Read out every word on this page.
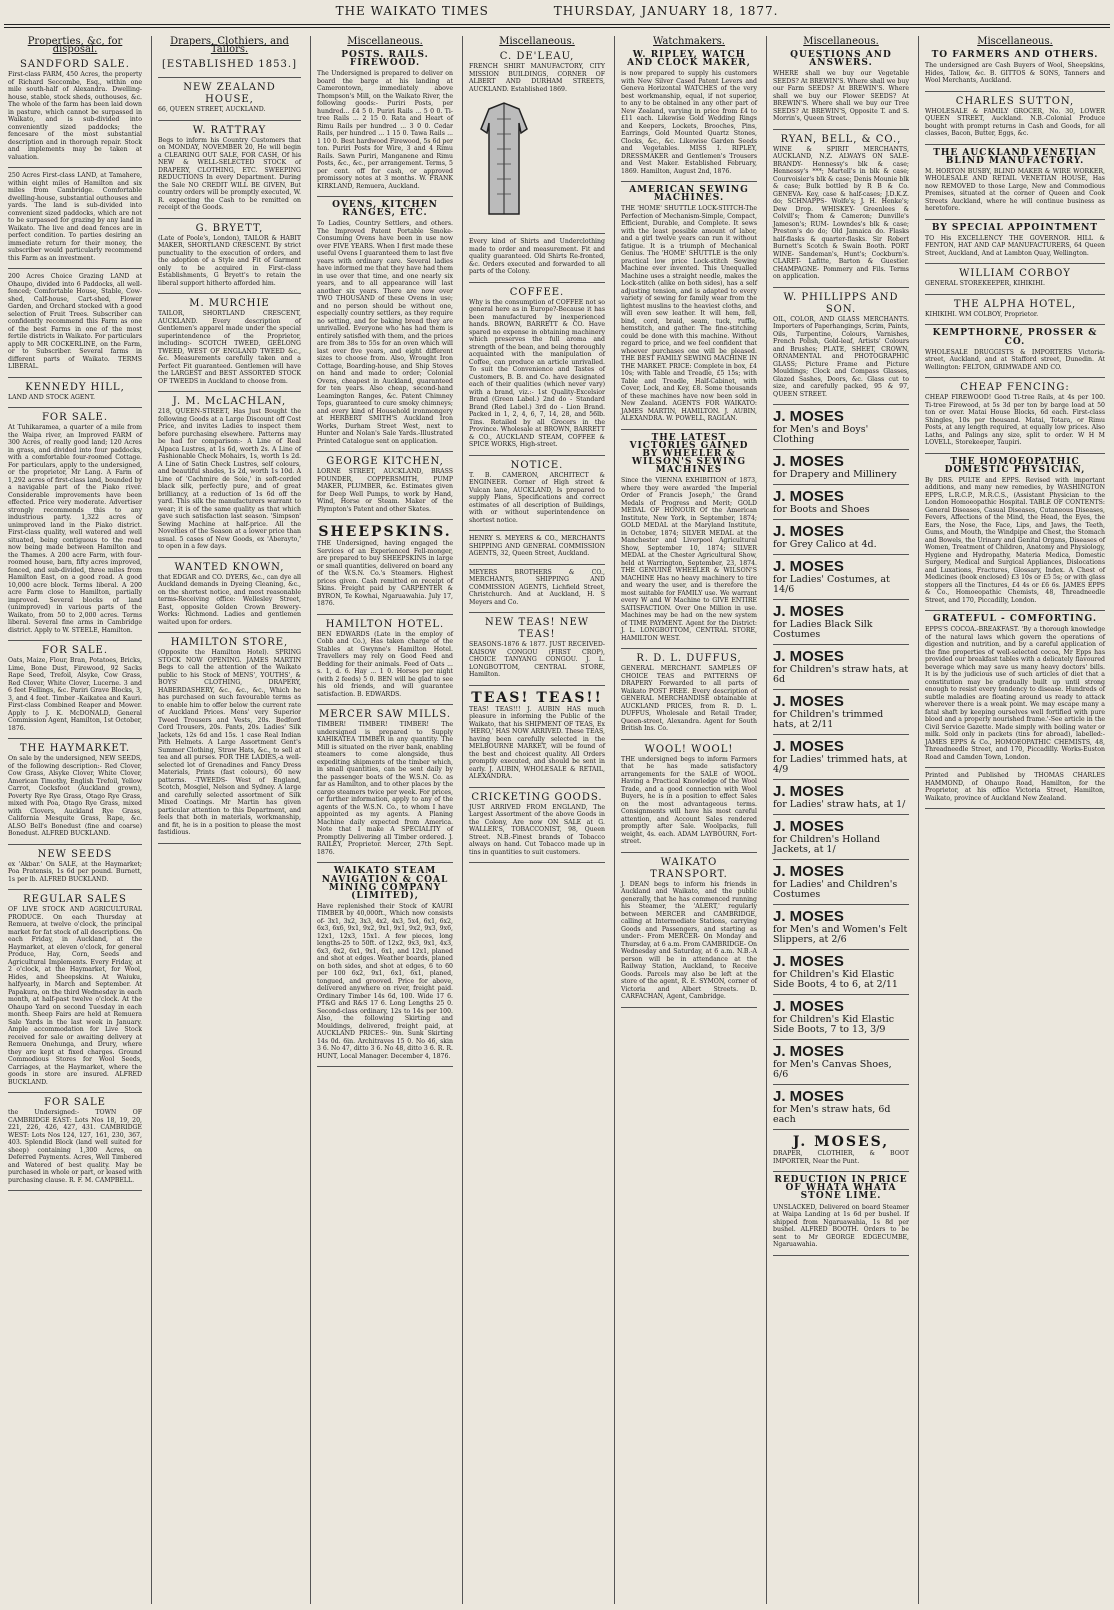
THE WAIKATO TIMES	THURSDAY, JANUARY 18, 1877.
Properties, &c, for disposal.
SANDFORD SALE.
First-class FARM, 450 Acres, the property of Richard Seccombe, Esq., within one mile south-half of Alexandra. Dwelling-house, stable, stock sheds, outhouses, &c. The whole of the farm has been laid down in pasture, which cannot be surpassed in Waikato, and is sub-divided into conveniently sized paddocks; the fencesare of the most substantial description and in thorough repair. Stock and implements may be taken at valuation.
250 Acres First-class LAND, at Tamahere, within eight miles of Hamilton and six miles from Cambridge. Comfortable dwelling-house, substantial outhouses and yards. The land is sub-divided into convenient sized paddocks, which are not to be surpassed for grazing by any land in Waikato. The live and dead fences are in perfect condition. To parties desiring an immediate return for their money, the subscriber would particularly recommend this Farm as an investment.
200 Acres Choice Grazing LAND at Ohaupo, divided into 6 Paddocks, all well-fenced; Comfortable House, Stable, Cow-shed, Calf-house, Cart-shed, Flower Garden, and Orchard stocked with a good selection of Fruit Trees. Subscriber can confidently recommend this Farm as one of the best Farms in one of the most fertile districts in Waikato. For particulars apply to MR COCKERLINE, on the Farm, or to Subscriber. Several farms in different parts of Waikato. TERMS LIBERAL.
KENNEDY HILL,
LAND AND STOCK AGENT.
FOR SALE.
At Tuhikaramea, a quarter of a mile from the Waipa river, an Improved FARM of 300 Acres, of really good land; 120 Acres in grass, and divided into four paddocks, with a comfortable four-roomed Cottage. For particulars, apply to the undersigned, or the proprietor, Mr Lang. A Farm of 1,292 acres of first-class land, bounded by a navigable part of the Piako river. Considerable improvements have been effected. Price very moderate. Advertiser strongly recommends this to any industrious party. 1,322 acres of unimproved land in the Piako district. First-class quality, well watered and well situated, being contiguous to the road now being made between Hamilton and the Thames. A 200 acre Farm, with four-roomed house, barn, fifty acres improved, fenced, and sub-divided, three miles from Hamilton East, on a good road. A good 10,000 acre block. Terms liberal. A 200 acre Farm close to Hamilton, partially improved. Several blocks of land (unimproved) in various parts of the Waikato, from 50 to 2,000 acres. Terms liberal. Several fine arms in Cambridge district. Apply to W. STEELE, Hamilton.
FOR SALE.
Oats, Maize, Flour, Bran, Potatoes, Bricks, Lime, Bone Dust, Firewood, 92 Sacks Rape Seed, Trefoil, Alsyke, Cow Grass, Red Clover, White Clover, Lucerne. 3 and 6 feet Fellings, &c. Pariri Grave Blocks, 3, 3, and 4 feet. Timber -Kaikatea and Kauri. First-class Combined Reaper and Mower. Apply to J. K. McDONALD, General Commission Agent, Hamilton, 1st October, 1876.
THE HAYMARKET.
On sale by the undersigned, NEW SEEDS, of the following description:- Red Clover, Cow Grass, Alsyke Clover, White Clover, American Timothy, English Trefoil, Yellow Carrot, Cocksfoot (Auckland grown), Poverty Rye Rye Grass, Otago Rye Grass, mixed with Poa, Otago Rye Grass, mixed with Clovers, Auckland Rye Grass, California Mesquite Grass, Rape, &c. ALSO Bell's Bonedust (fine and coarse) Bonedust. ALFRED BUCKLAND.
NEW SEEDS
ex 'Akbar.' On SALE, at the Haymarket; Poa Pratensis, 1s 6d per pound. Burnett, 1s per lb. ALFRED BUCKLAND.
REGULAR SALES
OF LIVE STOCK AND AGRICULTURAL PRODUCE. On each Thursday at Remuera, at twelve o'clock, the principal market for fat stock of all descriptions. On each Friday, in Auckland, at the Haymarket, at eleven o'clock, for general Produce, Hay, Corn, Seeds and Agricultural Implements. Every Friday, at 2 o'clock, at the Haymarket, for Wool, Hides, and Sheepskins. At Waiuku, halfyearly, in March and September. At Papakura, on the third Wednesday in each month, at half-past twelve o'clock. At the Ohaupo Yard on second Tuesday in each month. Sheep Fairs are held at Remuera Sale Yards in the last week in January. Ample accommodation for Live Stock received for sale or awaiting delivery at Remuera Onehunga, and Drury, where they are kept at fixed charges. Ground Commodious Stores for Wool Seeds, Carriages, at the Haymarket, where the goods in store are insured. ALFRED BUCKLAND.
FOR SALE
the Undersigned:- TOWN OF CAMBRIDGE EAST: Lots Nos 18, 19, 20, 221, 226, 426, 427, 431. CAMBRIDGE WEST: Lots Nos 124, 127, 161, 230, 367, 403. Splendid Block (land well suited for sheep) containing 1,300 Acres, on Deferred Payments. Acres, Well Timbered and Watered of best quality. May be purchased in whole or part, or leased with purchasing clause. R. F. M. CAMPBELL.
Drapers, Clothiers, and Tailors.
[ESTABLISHED 1853.]
NEW ZEALAND HOUSE,
66, QUEEN STREET, AUCKLAND.
W. RATTRAY
Begs to inform his Country Customers that on MONDAY, NOVEMBER 20, He will begin a CLEARING OUT SALE, FOR CASH, Of his NEW & WELL-SELECTED STOCK of DRAPERY, CLOTHING, ETC. SWEEPING REDUCTIONS In every Department. During the Sale NO CREDIT WILL BE GIVEN, But country orders will be promptly executed, W. R. expecting the Cash to be remitted on receipt of the Goods.
G. BRYETT,
(Late of Poole's, London), TAILOR & HABIT MAKER, SHORTLAND CRESCENT. By strict punctuality to the execution of orders, and the adoption of a Style and Fit of Garment only to be acquired in First-class Establishments, G Bryett's to retain the liberal support hitherto afforded him.
M. MURCHIE
TAILOR, SHORTLAND CRESCENT, AUCKLAND. Every description of Gentlemen's apparel made under the special superintendence of the Proprietor, including:- SCOTCH TWEED, GEELONG TWEED, WEST OF ENGLAND TWEED &c., &c. Measurements carefully taken and a Perfect Fit guaranteed. Gentlemen will have the LARGEST and BEST ASSORTED STOCK OF TWEEDS in Auckland to choose from.
J. M. McLACHLAN,
218, QUEEN-STREET, Has Just Bought the following Goods at a Large Discount off Cost Price, and invites Ladies to inspect them before purchasing elsewhere. Patterns may be had for comparison:- A Line of Real Alpaca Lustres, at 1s 6d, worth 2s. A Line of Fashionable Check Mohairs, 1s, worth 1s 2d. A Line of Satin Check Lustres, self colours, and beautiful shades, 1s 2d, worth 1s 10d. A Line of 'Cachmire de Soie,' in soft-corded black silk, perfectly pure, and of great brilliancy, at a reduction of 1s 6d off the yard. This silk the manufacturers warrant to wear; it is of the same quality as that which gave such satisfaction last season. 'Simpson' Sewing Machine at half-price. All the Novelties of the Season at a lower price than usual. 5 cases of New Goods, ex 'Aberayto,' to open in a few days.
WANTED KNOWN,
that EDGAR and CO. DYERS, &c., can dye all Auckland demands in Dyeing Cleaning, &c., on the shortest notice, and most reasonable terms-Receiving office: Wellesley Street, East, opposite Golden Crown Brewery-Works: Richmond. Ladies and gentlemen waited upon for orders.
HAMILTON STORE,
(Opposite the Hamilton Hotel). SPRING STOCK NOW OPENING. JAMES MARTIN Begs to call the attention of the Waikato public to his Stock of MENS', YOUTHS', & BOYS' CLOTHING, DRAPERY, HABERDASHERY, &c., &c., &c., Which he has purchased on such favourable terms as to enable him to offer below the current rate of Auckland Prices. Mens' very Superior Tweed Trousers and Vests, 20s. Bedford Cord Trousers, 20s. Pants, 20s. Ladies' Silk Jackets, 12s 6d and 15s. 1 case Real Indian Pith Helmets. A Large Assortment Gent's Summer Clothing, Straw Hats, &c., to sell at tea and all purses. FOR THE LADIES,-a well-selected lot of Grenadines and Fancy Dress Materials, Prints (fast colours), 60 new patterns. -TWEEDS- West of England, Scotch, Mosgiel, Nelson and Sydney. A large and carefully selected assortment of Silk Mixed Coatings. Mr Martin has given particular attention to this Department, and feels that both in materials, workmanship, and fit, he is in a position to please the most fastidious.
Miscellaneous.
POSTS. RAILS. FIREWOOD.
The Undersigned is prepared to deliver on board the barge at his landing at Camerontown, immediately above Thompson's Mill, on the Waikato River, the following goods:- Puriri Posts, per hundred... £4 5 0. Puriri Rails ... 5 0 0. Ti-tree Rails ... 2 15 0. Rata and Heart of Rimu Rails per hundred ... 3 0 0. Cedar Rails, per hundred ... 1 15 0. Tawa Rails ... 1 10 0. Best hardwood Firewood, 5s 6d per ton. Puriri Posts for Wire, 3 and 4 Rimu Rails. Sawn Puriri, Manganene and Rimu Posts, &c., &c., per arrangement. Terms, 5 per cent. off for cash, or approved promissory notes at 3 months. W. FRANK KIRKLAND, Remuera, Auckland.
OVENS, KITCHEN RANGES, ETC.
To Ladies, Country Settlers, and others. The Improved Patent Portable Smoke-Consuming Ovens have been in use now over FIVE YEARS. When I first made these useful Ovens I guaranteed them to last five years with ordinary care. Several ladies have informed me that they have had them in use over that time, and one nearly six years, and to all appearance will last another six years. There are now over TWO THOUSAND of these Ovens in use; and no person should be without one, especially country settlers, as they require no setting, and for baking bread they are unrivalled. Everyone who has had them is entirely satisfied with them, and the prices are from 38s to 55s for an oven which will last over five years, and eight different sizes to choose from. Also, Wrought Iron Cottage, Boarding-house, and Ship Stoves on hand and made to order; Colonial Ovens, cheapest in Auckland, guaranteed for ten years. Also cheap, second-hand Leamington Ranges, &c. Patent Chimney Tops, guaranteed to cure smoky chimneys; and every kind of Household ironmongery at HERBERT SMITH'S Auckland Iron Works, Durham Street West, next to Hunter and Nolan's Sale Yards.-Illustrated Printed Catalogue sent on application.
GEORGE KITCHEN,
LORNE STREET, AUCKLAND, BRASS FOUNDER, COPPERSMITH, PUMP MAKER, PLUMBER, &c. Estimates given for Deep Well Pumps, to work by Hand, Wind, Horse or Steam. Maker of the Plympton's Patent and other Skates.
SHEEPSKINS.
THE Undersigned, having engaged the Services of an Experienced Fell-monger, are prepared to buy SHEEPSKINS in large or small quantities, delivered on board any of the W.S.N. Co.'s Steamers. Highest prices given. Cash remitted on receipt of Skins. Freight paid by CARPENTER & BYRON, Te Kowhai, Ngaruawahia. July 17, 1876.
HAMILTON HOTEL.
BEN EDWARDS (Late in the employ of Cobb and Co.), Has taken charge of the Stables at Gwynne's Hamilton Hotel. Travellers may rely on Good Feed and Bedding for their animals. Feed of Oats ... s. 1, d. 6. Hay ... 1 0. Horses per night (with 2 feeds) 5 0. BEN will be glad to see his old friends, and will guarantee satisfaction. B. EDWARDS.
MERCER SAW MILLS.
TIMBER! TIMBER! TIMBER! The undersigned is prepared to Supply KAHIKATEA TIMBER in any quantity. The Mill is situated on the river bank, enabling steamers to come alongside, thus expediting shipments of the timber which, in small quantities, can be sent daily by the passenger boats of the W.S.N. Co. as far as Hamilton, and to other places by the cargo steamers twice per week. For prices, or further information, apply to any of the agents of the W.S.N. Co., to whom I have appointed as my agents. A Planing Machine daily expected from America. Note that I make A SPECIALITY of Promptly Delivering all Timber ordered. J. RAILEY, Proprietor. Mercer, 27th Sept. 1876.
WAIKATO STEAM NAVIGATION & COAL MINING COMPANY (LIMITED),
Have replenished their Stock of KAURI TIMBER by 40,000ft., Which now consists of- 3x1, 3x2, 3x3, 4x2, 4x3, 5x4, 6x1, 6x2, 6x3, 6x6, 9x1, 9x2, 9x1, 9x1, 9x2, 9x3, 9x6, 12x1, 12x3, 15x1. A few pieces, long lengths-25 to 50ft. of 12x2, 9x3, 9x1, 4x3, 6x3, 6x2, 6x1, 9x1, 6x1, and 12x1, planed and shot at edges. Weather boards, planed on both sides, and shot at edges, 6 to 60 per 100 6x2, 9x1, 6x1, 6x1, planed, tongued, and grooved. Price for above, delivered anywhere on river, freight paid. Ordinary Timber 14s 6d, 100. Wide 17 6. PT&G and R&S 17 6. Long Lengths 25 0. Second-class ordinary, 12s to 14s per 100. Also, the following Skirting and Mouldings, delivered, freight paid, at AUCKLAND PRICES:- 9in. Sunk Skirting 14s 0d. 6in. Architraves 15 0. No 46, skin 3 6. No 47, ditto 3 6. No 48, ditto 3 6. R. R. HUNT, Local Manager. December 4, 1876.
Miscellaneous.
C. DE'LEAU,
FRENCH SHIRT MANUFACTORY, CITY MISSION BUILDINGS, CORNER OF ALBERT AND DURHAM STREETS, AUCKLAND. Established 1869.
Every kind of Shirts and Underclothing made to order and measurement. Fit and quality guaranteed. Old Shirts Re-fronted, &c. Orders executed and forwarded to all parts of the Colony.
COFFEE.
Why is the consumption of COFFEE not so general here as in Europe?-Because it has been manufactured by inexperienced hands. BROWN, BARRETT & CO. Have spared no expense in obtaining machinery which preserves the full aroma and strength of the bean, and being thoroughly acquainted with the manipulation of Coffee, can produce an article unrivalled. To suit the Convenience and Tastes of Customers, B. B. and Co. have designated each of their qualities (which never vary) with a brand, viz.:- 1st Quality-Excelsior Brand (Green Label.) 2nd do - Standard Brand (Red Label.) 3rd do - Lion Brand. Packed in 1, 2, 4, 6, 7, 14, 28, and 56lb. Tins. Retailed by all Grocers in the Province. Wholesale at BROWN, BARRETT & CO., AUCKLAND STEAM, COFFEE & SPICE WORKS, High-street.
NOTICE.
T. B. CAMERON, ARCHITECT & ENGINEER. Corner of High street & Vulcan lane, AUCKLAND, Is prepared to supply Plans, Specifications and correct estimates of all description of Buildings, with or without superintendence on shortest notice.
HENRY S. MEYERS & CO., MERCHANTS SHIPPING AND GENERAL COMMISSION AGENTS, 32, Queen Street, Auckland.
MEYERS BROTHERS & CO., MERCHANTS, SHIPPING AND COMMISSION AGENTS, Lichfield Street, Christchurch. And at Auckland, H. S Meyers and Co.
NEW TEAS! NEW TEAS!
SEASONS-1876 & 1877. JUST RECEIVED- KAISOW CONGOU (FIRST CROP), CHOICE TANYANG CONGOU. J. L. LONGBOTTOM, CENTRAL STORE, Hamilton.
TEAS! TEAS!!
TEAS! TEAS!!! J. AUBIN HAS much pleasure in informing the Public of the Waikato, that his SHIPMENT OF TEAS, Ex 'HERO,' HAS NOW ARRIVED. These TEAS, having been carefully selected in the MELBOURNE MARKET, will be found of the best and choicest quality. All Orders promptly executed, and should be sent in early. J. AUBIN, WHOLESALE & RETAIL, ALEXANDRA.
CRICKETING GOODS.
JUST ARRIVED FROM ENGLAND, The Largest Assortment of the above Goods in the Colony, Are now ON SALE at G. WALLER'S, TOBACCONIST, 98, Queen Street. N.B.-Finest brands of Tobacco always on hand. Cut Tobacco made up in tins in quantities to suit customers.
Watchmakers.
W. RIPLEY, WATCH AND CLOCK MAKER,
is now prepared to supply his customers with New Silver Cased Patent Levers and Geneva Horizontal WATCHES of the very best workmanship, equal, if not superior, to any to be obtained in any other part of New Zealand, varying in price from £4 to £11 each. Likewise Gold Wedding Rings and Keepers, Lockets, Brooches, Pins, Earrings, Gold Mounted Quartz Stones, Clocks, &c., &c. Likewise Garden Seeds and Vegetables. MISS I. RIPLEY, DRESSMAKER and Gentlemen's Trousers and Vest Maker. Established February, 1869. Hamilton, August 2nd, 1876.
AMERICAN SEWING MACHINES.
THE 'HOME' SHUTTLE LOCK-STITCH-The Perfection of Mechanism-Simple, Compact, Efficient, Durable, and Complete. It sews with the least possible amount of labor, and a girl twelve years can run it without fatigue. It is a triumph of Mechanical Genius. The 'HOME' SHUTTLE is the only practical low price Lock-stitch Sewing Machine ever invented. This Unequalled Machine uses a straight needle, makes the Lock-stitch (alike on both sides), has a self adjusting tension, and is adapted to every variety of sewing for family wear from the lightest muslins to the heaviest cloths, and will even sew leather. It will hem, fell, bind, cord, braid, seam, tuck, ruffle, hemstitch, and gather. The fine-stitching could be done with this machine. Without regard to price, and we feel confident that whoever purchases one will be pleased. THE BEST FAMILY SEWING MACHINE IN THE MARKET. PRICE: Complete in box, £4 10s; with Table and Treadle, £5 15s; with Table and Treadle, Half-Cabinet, with Cover, Lock, and Key, £8. Some thousands of these machines have now been sold in New Zealand. AGENTS FOR WAIKATO: JAMES MARTIN, HAMILTON. J. AUBIN, ALEXANDRA. W. POWELL, RAGLAN.
THE LATEST VICTORIES GAINED BY WHEELER & WILSON'S SEWING MACHINES
Since the VIENNA EXHIBITION of 1873, where they were awarded 'the Imperial Order of Francis Joseph,' the Grand Medals of Progress and Merit; GOLD MEDAL OF HONOUR Of the American Institute, New York, in September, 1874; GOLD MEDAL at the Maryland Institute, in October, 1874; SILVER MEDAL at the Manchester and Liverpool Agricultural Show, September 10, 1874; SILVER MEDAL at the Chester Agricultural Show, held at Warrington, September, 23, 1874. THE GENUINE WHEELER & WILSON'S MACHINE Has no heavy machinery to tire and weary the user, and is therefore the most suitable for FAMILY use. We warrant every W and W Machine to GIVE ENTIRE SATISFACTION. Over One Million in use. Machines may be had on the new system of TIME PAYMENT. Agent for the District: J. L. LONGBOTTOM, CENTRAL STORE, HAMILTON WEST.
R. D. L. DUFFUS,
GENERAL MERCHANT. SAMPLES OF CHOICE TEAS and PATTERNS OF DRAPERY Forwarded to all parts of Waikato POST FREE. Every description of GENERAL MERCHANDISE obtainable at AUCKLAND PRICES, from R. D. L. DUFFUS, Wholesale and Retail Trader, Queen-street, Alexandra. Agent for South British Ins. Co.
WOOL! WOOL!
THE undersigned begs to inform Farmers that he has made satisfactory arrangements for the SALE of WOOL. Having a Practical Knowledge of the Wool Trade, and a good connection with Wool Buyers, he is in a position to effect Sales on the most advantageous terms. Consignments will have his most careful attention, and Account Sales rendered promptly after Sale. Woolpacks, full weight, 4s. each. ADAM LAYBOURN, Fort-street.
WAIKATO TRANSPORT.
J. DEAN begs to inform his friends in Auckland and Waikato, and the public generally, that he has commenced running his Steamer, the 'ALERT,' regularly between MERCER and CAMBRIDGE, calling at Intermediate Stations, carrying Goods and Passengers, and starting as under:- From MERCER- On Monday and Thursday, at 6 a.m. From CAMBRIDGE- On Wednesday and Saturday, at 6 a.m. N.B.-A person will be in attendance at the Railway Station, Auckland, to Receive Goods. Parcels may also be left at the store of the agent, R. E. SYMON, corner of Victoria and Albert Streets. D. CARFACHAN, Agent, Cambridge.
Miscellaneous.
QUESTIONS AND ANSWERS.
WHERE shall we buy our Vegetable SEEDS? At BREWIN'S. Where shall we buy our Farm SEEDS? At BREWIN'S. Where shall we buy our Flower SEEDS? At BREWIN'S. Where shall we buy our Tree SEEDS? At BREWIN'S, Opposite T. and S. Morrin's, Queen Street.
RYAN, BELL, & CO.,
WINE & SPIRIT MERCHANTS, AUCKLAND, N.Z. ALWAYS ON SALE- BRANDY- Hennessy's blk & case; Hennessy's ***; Martell's in blk & case; Courvoisier's blk & case; Denis Mounie blk & case; Bulk bottled by R B & Co. GENEVA- Key, case & half-cases; J.D.K.Z. do; SCHNAPPS- Wolfe's; J. H. Henke's; Dew Drop. WHISKEY- Greenlees & Colvill's; Thom & Cameron; Dunville's Jameson's; RUM- Lowndes's blk & case; Preston's do do; Old Jamaica do. Flasks half-flasks & quarter-flasks. Sir Robert Burnett's Scotch & Swain Booth. PORT WINE- Sandeman's, Hunt's; Cockburn's. CLARET- Lafitte, Barton & Guestier. CHAMPAGNE- Pommery and Fils. Terms on application.
W. PHILLIPPS AND SON.
OIL, COLOR, AND GLASS MERCHANTS. Importers of Paperhangings, Scrim, Paints, Oils, Turpentine, Colours, Varnishes, French Polish, Gold-leaf, Artists' Colours and Brushes; PLATE, SHEET, CROWN, ORNAMENTAL and PHOTOGRAPHIC GLASS; Picture Frame and Picture Mouldings; Clock and Compass Glasses, Glazed Sashes, Doors, &c. Glass cut to size, and carefully packed, 95 & 97, QUEEN STREET.
J. MOSES
for Men's and Boys' Clothing
J. MOSES
for Drapery and Millinery
J. MOSES
for Boots and Shoes
J. MOSES
for Grey Calico at 4d.
J. MOSES
for Ladies' Costumes, at 14/6
J. MOSES
for Ladies Black Silk Costumes
J. MOSES
for Children's straw hats, at 6d
J. MOSES
for Children's trimmed hats, at 2/11
J. MOSES
for Ladies' trimmed hats, at 4/9
J. MOSES
for Ladies' straw hats, at 1/
J. MOSES
for Children's Holland Jackets, at 1/
J. MOSES
for Ladies' and Children's Costumes
J. MOSES
for Men's and Women's Felt Slippers, at 2/6
J. MOSES
for Children's Kid Elastic Side Boots, 4 to 6, at 2/11
J. MOSES
for Children's Kid Elastic Side Boots, 7 to 13, 3/9
J. MOSES
for Men's Canvas Shoes, 6/6
J. MOSES
for Men's straw hats, 6d each
J. MOSES,
DRAPER, CLOTHIER, & BOOT IMPORTER, Near the Punt.
REDUCTION IN PRICE OF WHATA WHATA STONE LIME.
UNSLACKED, Delivered on board Steamer at Waipa Landing at 1s 6d per bushel. If shipped from Ngaruawahia, 1s 8d per bushel. ALFRED BOOTH. Orders to be sent to Mr GEORGE EDGECUMBE, Ngaruawahia.
Miscellaneous.
TO FARMERS AND OTHERS.
The undersigned are Cash Buyers of Wool, Sheepskins, Hides, Tallow, &c. B. GITTOS & SONS, Tanners and Wool Merchants, Auckland.
CHARLES SUTTON,
WHOLESALE & FAMILY GROCER, No. 30, LOWER QUEEN STREET, Auckland. N.B.-Colonial Produce bought with prompt returns in Cash and Goods, for all classes, Bacon, Butter, Eggs, &c.
THE AUCKLAND VENETIAN BLIND MANUFACTORY.
M. HORTON BUSBY, BLIND MAKER & WIRE WORKER, WHOLESALE AND RETAIL VENETIAN HOUSE, Has now REMOVED to those Large, New and Commodious Premises, situated at the corner of Queen and Cook Streets Auckland, where he will continue business as heretofore.
BY SPECIAL APPOINTMENT
TO His EXCELLENCY THE GOVERNOR. HILL & FENTON, HAT AND CAP MANUFACTURERS, 64 Queen Street, Auckland, And at Lambton Quay, Wellington.
WILLIAM CORBOY
GENERAL STOREKEEPER, KIHIKIHI.
THE ALPHA HOTEL,
KIHIKIHI. WM COLBOY, Proprietor.
KEMPTHORNE, PROSSER & CO.
WHOLESALE DRUGGISTS & IMPORTERS Victoria-street, Auckland, and at Stafford street, Dunedin. At Wellington: FELTON, GRIMWADE AND CO.
CHEAP FENCING:
CHEAP FIREWOOD! Good Ti-tree Rails, at 4s per 100. Ti-tree Firewood, at 5s 3d per ton by barge load at 50 ton or over. Matai House Blocks, 6d each. First-class Shingles, 10s per thousand. Matai, Totara, or Rimu Posts, at any length required, at equally low prices. Also Laths, and Palings any size, split to order. W H M LOVELL, Storekeeper, Taupiri.
THE HOMOEOPATHIC DOMESTIC PHYSICIAN,
By DRS. PULTE and EPPS. Revised with important additions, and many new remedies, by WASHINGTON EPPS, L.R.C.P., M.R.C.S., (Assistant Physician to the London Homoeopathic Hospital. TABLE OF CONTENTS: General Diseases, Casual Diseases, Cutaneous Diseases, Fevers, Affections of the Mind, the Head, the Eyes, the Ears, the Nose, the Face, Lips, and Jaws, the Teeth, Gums, and Mouth, the Windpipe and Chest, the Stomach and Bowels, the Urinary and Genital Organs, Diseases of Women, Treatment of Children, Anatomy and Physiology, Hygiene and Hydropathy, Materia Medica, Domestic Surgery, Medical and Surgical Appliances, Dislocations and Luxations, Fractures, Glossary, Index. A Chest of Medicines (book enclosed) £3 10s or £5 5s; or with glass stoppers all the Tinctures, £4 4s or £6 6s. JAMES EPPS & Co., Homoeopathic Chemists, 48, Threadneedle Street, and 170, Piccadilly, London.
GRATEFUL - COMFORTING.
EPPS'S COCOA.-BREAKFAST. 'By a thorough knowledge of the natural laws which govern the operations of digestion and nutrition, and by a careful application of the fine properties of well-selected cocoa, Mr Epps has provided our breakfast tables with a delicately flavoured beverage which may save us many heavy doctors' bills. It is by the judicious use of such articles of diet that a constitution may be gradually built up until strong enough to resist every tendency to disease. Hundreds of subtle maladies are floating around us ready to attack wherever there is a weak point. We may escape many a fatal shaft by keeping ourselves well fortified with pure blood and a properly nourished frame.'-See article in the Civil Service Gazette. Made simply with boiling water or milk. Sold only in packets (tins for abroad), labelled:- JAMES EPPS & Co., HOMOEOPATHIC CHEMISTS, 48, Threadneedle Street, and 170, Piccadilly. Works-Euston Road and Camden Town, London.
Printed and Published by THOMAS CHARLES HAMMOND, of Ohaupo Road, Hamilton, for the Proprietor, at his office Victoria Street, Hamilton, Waikato, province of Auckland New Zealand.
